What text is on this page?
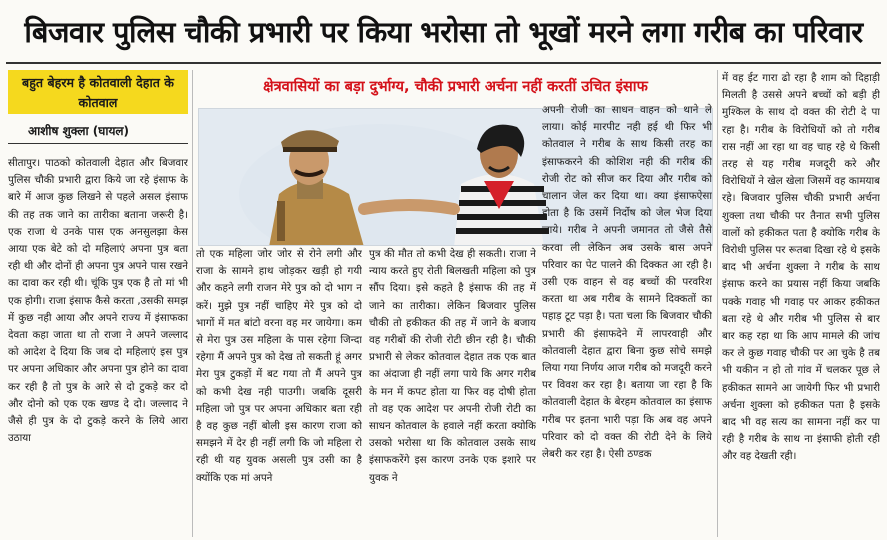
बिजवार पुलिस चौकी प्रभारी पर किया भरोसा तो भूखों मरने लगा गरीब का परिवार
बहुत बेहरम है कोतवाली देहात के कोतवाल
आशीष शुक्ला (घायल)
क्षेत्रवासियों का बड़ा दुर्भाग्य, चौकी प्रभारी अर्चना नहीं करतीं उचित इंसाफ
सीतापुर। पाठको कोतवाली देहात और बिजवार पुलिस चौकी प्रभारी द्वारा किये जा रहे इंसाफ के बारे में आज कुछ लिखने से पहले असल इंसाफ की तह तक जाने का तारीका बताना जरूरी है। एक राजा थे उनके पास एक अनसुलझा केस आया एक बेटे को दो महिलाएं अपना पुत्र बता रही थी और दोनों ही अपना पुत्र अपने पास रखने का दावा कर रही थी। चूंकि पुत्र एक है तो मां भी एक होगी। राजा इंसाफ कैसे करता ,उसकी समझ में कुछ नही आया और अपने राज्य में इंसाफका देवता कहा जाता था तो राजा ने अपने जल्लाद को आदेश दे दिया कि जब दो महिलाएं इस पुत्र पर अपना अधिकार और अपना पुत्र होने का दावा कर रही है तो पुत्र के आरे से दो टुकड़े कर दो और दोनो को एक एक खण्ड दे दो। जल्लाद ने जैसे ही पुत्र के दो टुकड़े करने के लिये आरा उठाया
तो एक महिला जोर जोर से रोने लगी और राजा के सामने हाथ जोड़कर खड़ी हो गयी और कहने लगी राजन मेरे पुत्र को दो भाग न करें। मुझे पुत्र नहीं चाहिए मेरे पुत्र को दो भागों में मत बांटो वरना वह मर जायेगा। कम से मेरा पुत्र उस महिला के पास रहेगा जिन्दा रहेगा मैं अपने पुत्र को देख तो सकती हूं अगर मेरा पुत्र टुकड़ों में बट गया तो मैं अपने पुत्र को कभी देख नही पाउगी। जबकि दूसरी महिला जो पुत्र पर अपना अधिकार बता रही है वह कुछ नहीं बोली इस कारण राजा को समझने में देर ही नहीं लगी कि जो महिला रो रही थी यह युवक असली पुत्र उसी का है क्योंकि एक मां अपने
पुत्र की मौत तो कभी देख ही सकती। राजा ने न्याय करते हुए रोती बिलखती महिला को पुत्र सौंप दिया। इसे कहते है इंसाफ की तह में जाने का तारीका। लेकिन बिजवार पुलिस चौकी तो हकीकत की तह में जाने के बजाय वह गरीबों की रोजी रोटी छीन रही है। चौकी प्रभारी से लेकर कोतवाल देहात तक एक बात का अंदाजा ही नहीं लगा पाये कि अगर गरीब के मन में कपट होता या फिर वह दोषी होता तो वह एक आदेश पर अपनी रोजी रोटी का साधन कोतवाल के हवाले नहीं करता क्योकि उसको भरोसा था कि कोतवाल उसके साथ इंसाफकरेंगे इस कारण उनके एक इशारे पर युवक ने
अपनी रोजी का साधन वाहन को थाने ले लाया। कोई मारपीट नही हई थी फिर भी कोतवाल ने गरीब के साथ किसी तरह का इंसाफकरने की कोशिश नही की गरीब की रोजी रोट को सीज कर दिया और गरीब को चालान जेल कर दिया था। क्या इंसाफऐसा होता है कि उसमें निर्दोष को जेल भेज दिया जाये। गरीब ने अपनी जमानत तो जैसे तैसे करवा ली लेकिन अब उसके बास अपने परिवार का पेट पालने की दिक्कत आ रही है। उसी एक वाहन से वह बच्चों की परवरिश करता था अब गरीब के सामने दिक्कतों का पहाड़ टूट पड़ा है। पता चला कि बिजवार चौकी प्रभारी की इंसाफदेने में लापरवाही और कोतवाली देहात द्वारा बिना कुछ सोचे समझे लिया गया निर्णय आज गरीब को मजदूरी करने पर विवश कर रहा है। बताया जा रहा है कि कोतवाली देहात के बेरहम कोतवाल का इंसाफ गरीब पर इतना भारी पड़ा कि अब वह अपने परिवार को दो वक्त की रोटी देने के लिये लेबरी कर रहा है। ऐसी ठण्डक
में वह ईट गारा ढो रहा है शाम को दिहाड़ी मिलती है उससे अपने बच्चों को बड़ी ही मुश्किल के साथ दो वक्त की रोटी दे पा रहा है। गरीब के विरोधियों को तो गरीब रास नहीं आ रहा था वह चाह रहे थे किसी तरह से यह गरीब मजदूरी करे और विरोधियों ने खेल खेला जिसमें वह कामयाब रहे। बिजवार पुलिस चौकी प्रभारी अर्चना शुक्ला तथा चौकी पर तैनात सभी पुलिस वालों को हकीकत पता है क्योकि गरीब के विरोधी पुलिस पर रूतबा दिखा रहे थे इसके बाद भी अर्चना शुक्ला ने गरीब के साथ इंसाफ करने का प्रयास नहीं किया जबकि पक्के गवाह भी गवाह पर आकर हकीकत बता रहे थे और गरीब भी पुलिस से बार बार कह रहा था कि आप मामले की जांच कर ले कुछ गवाह चौकी पर आ चुके है तब भी यकीन न हो तो गांव में चलकर पूछ ले हकीकत सामने आ जायेगी फिर भी प्रभारी अर्चना शुक्ला को हकीकत पता है इसके बाद भी वह सत्य का सामना नहीं कर पा रही है गरीब के साथ ना इंसाफी होती रही और वह देखती रही।
